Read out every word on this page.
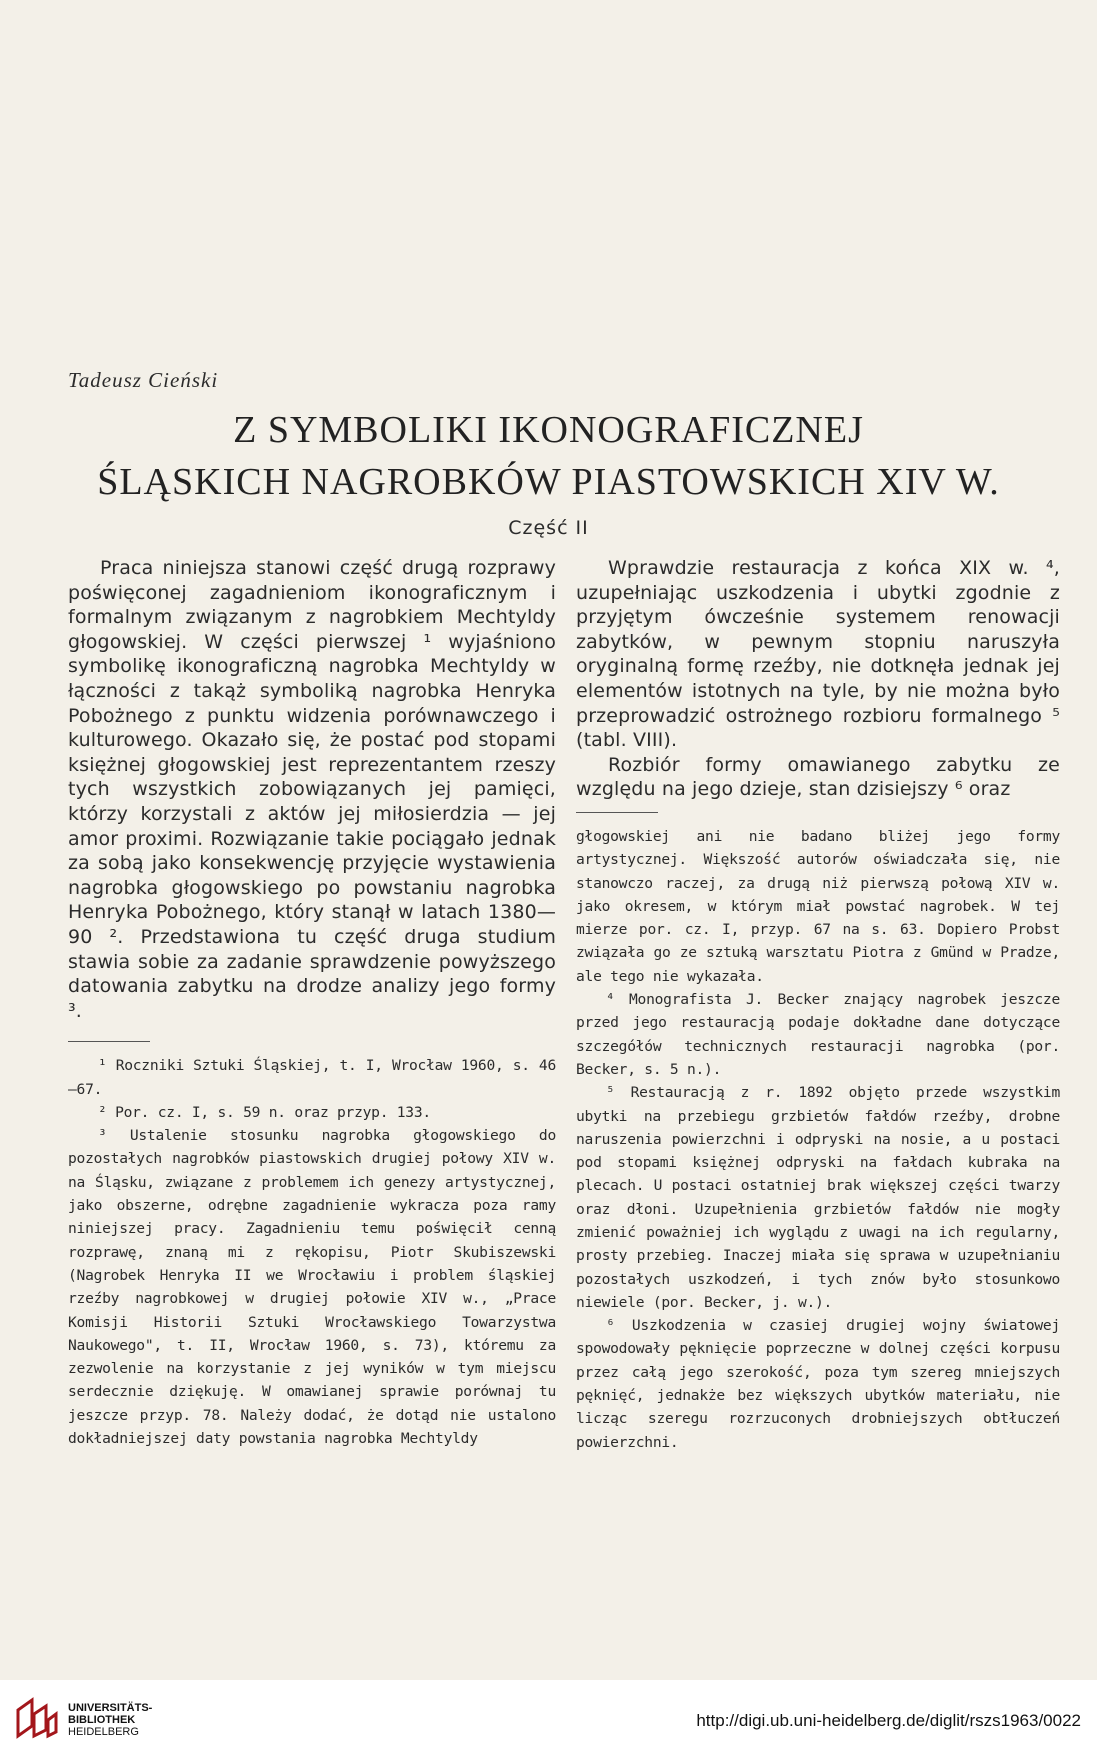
Tadeusz Cieński
Z SYMBOLIKI IKONOGRAFICZNEJ
ŚLĄSKICH NAGROBKÓW PIASTOWSKICH XIV W.
Część II

Praca niniejsza stanowi część drugą rozprawy poświęconej zagadnieniom ikonograficznym i formalnym związanym z nagrobkiem Mechtyldy głogowskiej. W części pierwszej ¹ wyjaśniono symbolikę ikonograficzną nagrobka Mechtyldy w łączności z takąż symboliką nagrobka Henryka Pobożnego z punktu widzenia porównawczego i kulturowego. Okazało się, że postać pod stopami księżnej głogowskiej jest reprezentantem rzeszy tych wszystkich zobowiązanych jej pamięci, którzy korzystali z aktów jej miłosierdzia — jej amor proximi. Rozwiązanie takie pociągało jednak za sobą jako konsekwencję przyjęcie wystawienia nagrobka głogowskiego po powstaniu nagrobka Henryka Pobożnego, który stanął w latach 1380—90 ². Przedstawiona tu część druga studium stawia sobie za zadanie sprawdzenie powyższego datowania zabytku na drodze analizy jego formy ³.

¹ Roczniki Sztuki Śląskiej, t. I, Wrocław 1960, s. 46—67.

² Por. cz. I, s. 59 n. oraz przyp. 133.

³ Ustalenie stosunku nagrobka głogowskiego do pozostałych nagrobków piastowskich drugiej połowy XIV w. na Śląsku, związane z problemem ich genezy artystycznej, jako obszerne, odrębne zagadnienie wykracza poza ramy niniejszej pracy. Zagadnieniu temu poświęcił cenną rozprawę, znaną mi z rękopisu, Piotr Skubiszewski (Nagrobek Henryka II we Wrocławiu i problem śląskiej rzeźby nagrobkowej w drugiej połowie XIV w., „Prace Komisji Historii Sztuki Wrocławskiego Towarzystwa Naukowego", t. II, Wrocław 1960, s. 73), któremu za zezwolenie na korzystanie z jej wyników w tym miejscu serdecznie dziękuję. W omawianej sprawie porównaj tu jeszcze przyp. 78. Należy dodać, że dotąd nie ustalono dokładniejszej daty powstania nagrobka Mechtyldy

Wprawdzie restauracja z końca XIX w. ⁴, uzupełniając uszkodzenia i ubytki zgodnie z przyjętym ówcześnie systemem renowacji zabytków, w pewnym stopniu naruszyła oryginalną formę rzeźby, nie dotknęła jednak jej elementów istotnych na tyle, by nie można było przeprowadzić ostrożnego rozbioru formalnego ⁵ (tabl. VIII).

Rozbiór formy omawianego zabytku ze względu na jego dzieje, stan dzisiejszy ⁶ oraz

głogowskiej ani nie badano bliżej jego formy artystycznej. Większość autorów oświadczała się, nie stanowczo raczej, za drugą niż pierwszą połową XIV w. jako okresem, w którym miał powstać nagrobek. W tej mierze por. cz. I, przyp. 67 na s. 63. Dopiero Probst związała go ze sztuką warsztatu Piotra z Gmünd w Pradze, ale tego nie wykazała.

⁴ Monografista J. Becker znający nagrobek jeszcze przed jego restauracją podaje dokładne dane dotyczące szczegółów technicznych restauracji nagrobka (por. Becker, s. 5 n.).

⁵ Restauracją z r. 1892 objęto przede wszystkim ubytki na przebiegu grzbietów fałdów rzeźby, drobne naruszenia powierzchni i odpryski na nosie, a u postaci pod stopami księżnej odpryski na fałdach kubraka na plecach. U postaci ostatniej brak większej części twarzy oraz dłoni. Uzupełnienia grzbietów fałdów nie mogły zmienić poważniej ich wyglądu z uwagi na ich regularny, prosty przebieg. Inaczej miała się sprawa w uzupełnianiu pozostałych uszkodzeń, i tych znów było stosunkowo niewiele (por. Becker, j. w.).

⁶ Uszkodzenia w czasiej drugiej wojny światowej spowodowały pęknięcie poprzeczne w dolnej części korpusu przez całą jego szerokość, poza tym szereg mniejszych pęknięć, jednakże bez większych ubytków materiału, nie licząc szeregu rozrzuconych drobniejszych obtłuczeń powierzchni.

UNIVERSITÄTS-
BIBLIOTHEK
HEIDELBERG
http://digi.ub.uni-heidelberg.de/diglit/rszs1963/0022
